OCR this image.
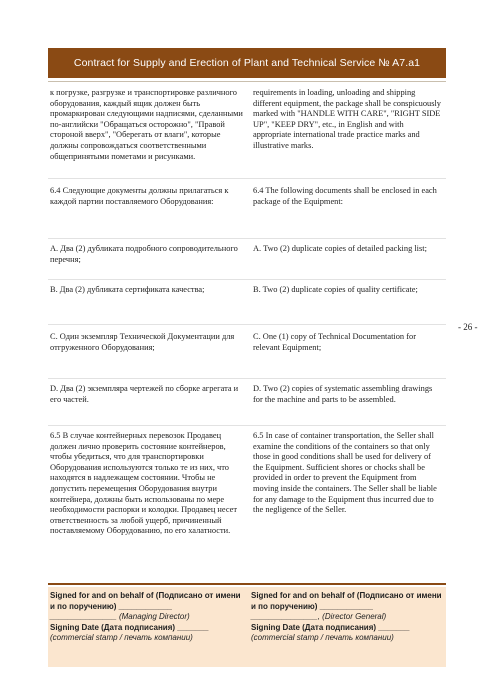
Contract for Supply and Erection of Plant and Technical Service № A7.a1
к погрузке, разгрузке и транспортировке различного оборудования, каждый ящик должен быть промаркирован следующими надписями, сделанными по-английски "Обращаться осторожно", "Правой стороной вверх", "Оберегать от влаги", которые должны сопровождаться соответственными общепринятыми пометами и рисунками.
requirements in loading, unloading and shipping different equipment, the package shall be conspicuously marked with "HANDLE WITH CARE", "RIGHT SIDE UP", "KEEP DRY", etc., in English and with appropriate international trade practice marks and illustrative marks.
6.4 Следующие документы должны прилагаться к каждой партии поставляемого Оборудования:
6.4 The following documents shall be enclosed in each package of the Equipment:
A. Два (2) дубликата подробного сопроводительного перечня;
A. Two (2) duplicate copies of detailed packing list;
B. Два (2) дубликата сертификата качества;	B. Two (2) duplicate copies of quality certificate;
C. Один экземпляр Технической Документации для отгруженного Оборудования;
C. One (1) copy of Technical Documentation for relevant Equipment;
D. Два (2) экземпляра чертежей по сборке агрегата и его частей.
D. Two (2) copies of systematic assembling drawings for the machine and parts to be assembled.
6.5 В случае контейнерных перевозок Продавец должен лично проверить состояние контейнеров, чтобы убедиться, что для транспортировки Оборудования используются только те из них, что находятся в надлежащем состоянии. Чтобы не допустить перемещения Оборудования внутри контейнера, должны быть использованы по мере необходимости распорки и колодки. Продавец несет ответственность за любой ущерб, причиненный поставляемому Оборудованию, по его халатности.
6.5 In case of container transportation, the Seller shall examine the conditions of the containers so that only those in good conditions shall be used for delivery of the Equipment. Sufficient shores or chocks shall be provided in order to prevent the Equipment from moving inside the containers. The Seller shall be liable for any damage to the Equipment thus incurred due to the negligence of the Seller.
- 26 -
Signed for and on behalf of (Подписано от имени и по поручению) ____________
_______________ (Managing Director)
Signing Date (Дата подписания) _______
(commercial stamp / печать компании)
Signed for and on behalf of (Подписано от имени и по поручению) ____________
_______________, (Director General)
Signing Date (Дата подписания) _______
(commercial stamp / печать компании)
